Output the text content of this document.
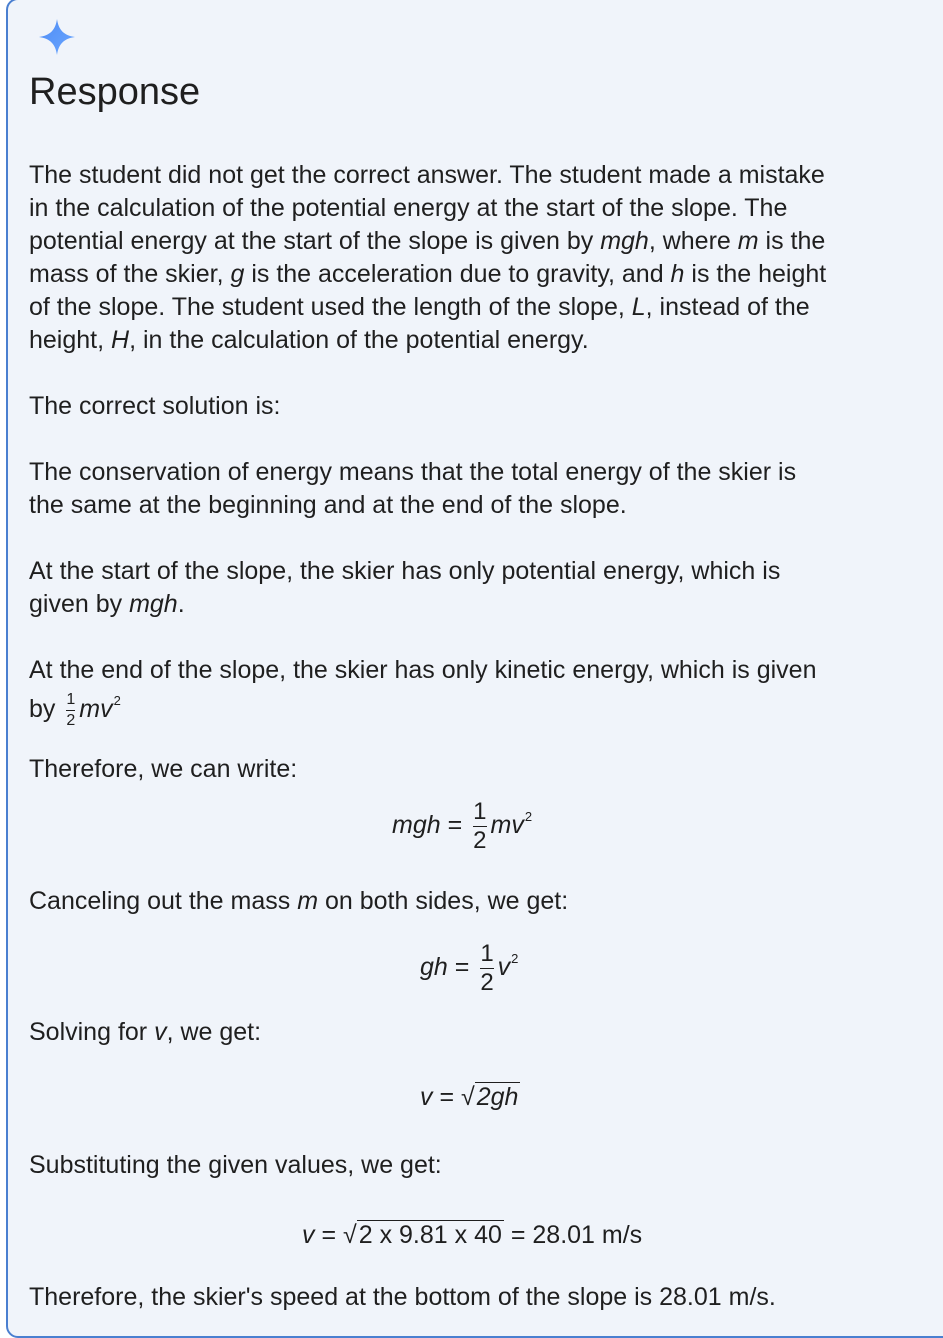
Response
The student did not get the correct answer. The student made a mistake
in the calculation of the potential energy at the start of the slope. The
potential energy at the start of the slope is given by mgh, where m is the
mass of the skier, g is the acceleration due to gravity, and h is the height
of the slope. The student used the length of the slope, L, instead of the
height, H, in the calculation of the potential energy.
The correct solution is:
The conservation of energy means that the total energy of the skier is
the same at the beginning and at the end of the slope.
At the start of the slope, the skier has only potential energy, which is
given by mgh.
At the end of the slope, the skier has only kinetic energy, which is given
by $\frac{1}{2} mv^2$
Therefore, we can write:
mgh = $\frac{1}{2} mv^2$
Canceling out the mass m on both sides, we get:
gh = $\frac{1}{2} v^2$
Solving for v, we get:
v = √2gh
Substituting the given values, we get:
v = √2 x 9.81 x 40 = 28.01 m/s
Therefore, the skier's speed at the bottom of the slope is 28.01 m/s.
